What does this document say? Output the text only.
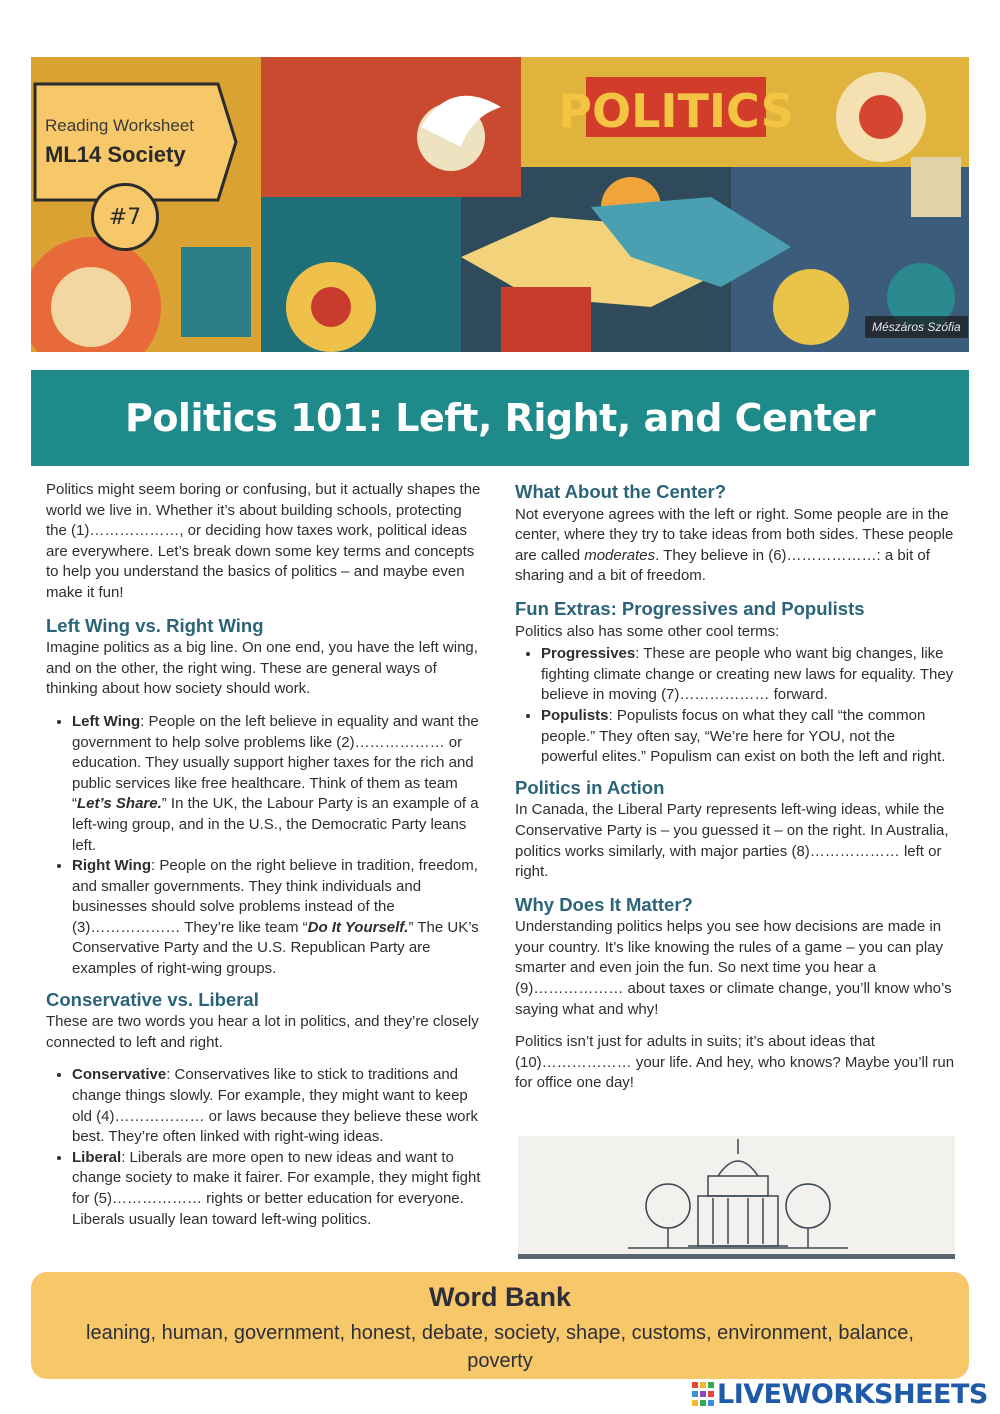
POLITICS
Reading Worksheet
ML14 Society
#7
Mészáros Szófia
Politics 101: Left, Right, and Center

Politics might seem boring or confusing, but it actually shapes the world we live in. Whether it’s about building schools, protecting the (1)………………, or deciding how taxes work, political ideas are everywhere. Let’s break down some key terms and concepts to help you understand the basics of politics – and maybe even make it fun!

Left Wing vs. Right Wing

Imagine politics as a big line. On one end, you have the left wing, and on the other, the right wing. These are general ways of thinking about how society should work.

• Left Wing: People on the left believe in equality and want the government to help solve problems like (2)……………… or education. They usually support higher taxes for the rich and public services like free healthcare. Think of them as team “Let’s Share.” In the UK, the Labour Party is an example of a left-wing group, and in the U.S., the Democratic Party leans left.
• Right Wing: People on the right believe in tradition, freedom, and smaller governments. They think individuals and businesses should solve problems instead of the (3)……………… They’re like team “Do It Yourself.” The UK’s Conservative Party and the U.S. Republican Party are examples of right-wing groups.
Conservative vs. Liberal

These are two words you hear a lot in politics, and they’re closely connected to left and right.

• Conservative: Conservatives like to stick to traditions and change things slowly. For example, they might want to keep old (4)……………… or laws because they believe these work best. They’re often linked with right-wing ideas.
• Liberal: Liberals are more open to new ideas and want to change society to make it fairer. For example, they might fight for (5)……………… rights or better education for everyone. Liberals usually lean toward left-wing politics.
What About the Center?

Not everyone agrees with the left or right. Some people are in the center, where they try to take ideas from both sides. These people are called moderates. They believe in (6)………………: a bit of sharing and a bit of freedom.

Fun Extras: Progressives and Populists

Politics also has some other cool terms:

• Progressives: These are people who want big changes, like fighting climate change or creating new laws for equality. They believe in moving (7)……………… forward.
• Populists: Populists focus on what they call “the common people.” They often say, “We’re here for YOU, not the powerful elites.” Populism can exist on both the left and right.
Politics in Action

In Canada, the Liberal Party represents left-wing ideas, while the Conservative Party is – you guessed it – on the right. In Australia, politics works similarly, with major parties (8)……………… left or right.

Why Does It Matter?

Understanding politics helps you see how decisions are made in your country. It’s like knowing the rules of a game – you can play smarter and even join the fun. So next time you hear a (9)……………… about taxes or climate change, you’ll know who’s saying what and why!

Politics isn’t just for adults in suits; it’s about ideas that (10)……………… your life. And hey, who knows? Maybe you’ll run for office one day!

Word Bank
leaning, human, government, honest, debate, society, shape, customs, environment, balance, poverty
LIVEWORKSHEETS
